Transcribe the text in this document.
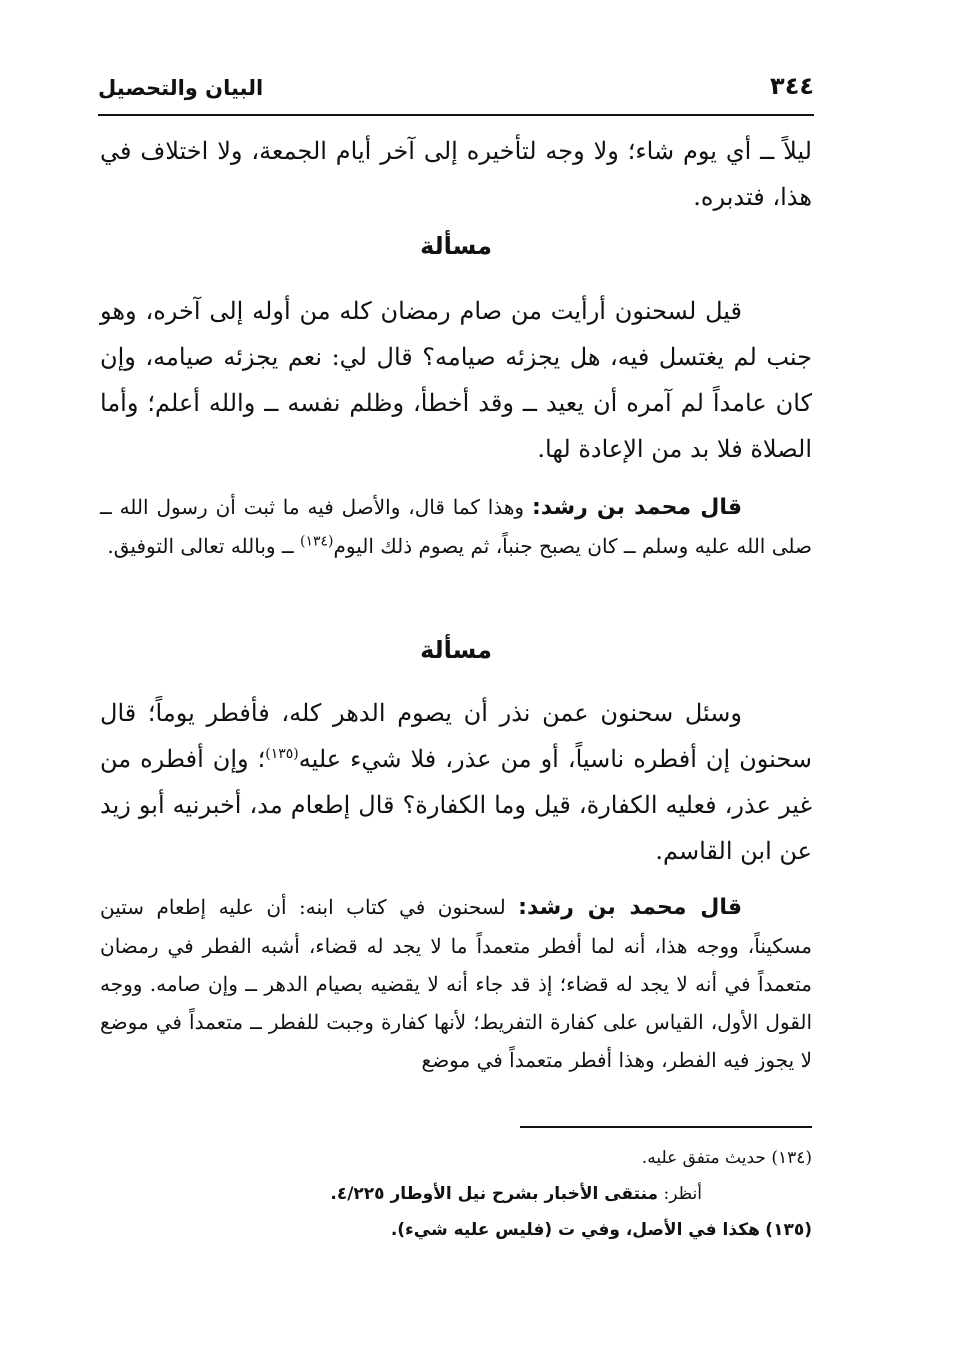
البيان والتحصيل	٣٤٤
ليلاً ــ أي يوم شاء؛ ولا وجه لتأخيره إلى آخر أيام الجمعة، ولا اختلاف في هذا، فتدبره.
مسألة
قيل لسحنون أرأيت من صام رمضان كله من أوله إلى آخره، وهو جنب لم يغتسل فيه، هل يجزئه صيامه؟ قال لي: نعم يجزئه صيامه، وإن كان عامداً لم آمره أن يعيد ــ وقد أخطأ، وظلم نفسه ــ والله أعلم؛ وأما الصلاة فلا بد من الإعادة لها.
قال محمد بن رشد: وهذا كما قال، والأصل فيه ما ثبت أن رسول الله ــ صلى الله عليه وسلم ــ كان يصبح جنباً، ثم يصوم ذلك اليوم$^{(١٣٤)}$ ــ وبالله تعالى التوفيق.
مسألة
وسئل سحنون عمن نذر أن يصوم الدهر كله، فأفطر يوماً؛ قال سحنون إن أفطره ناسياً، أو من عذر، فلا شيء عليه$^{(١٣٥)}$؛ وإن أفطره من غير عذر، فعليه الكفارة، قيل وما الكفارة؟ قال إطعام مد، أخبرنيه أبو زيد عن ابن القاسم.
قال محمد بن رشد: لسحنون في كتاب ابنه: أن عليه إطعام ستين مسكيناً، ووجه هذا، أنه لما أفطر متعمداً ما لا يجد له قضاء، أشبه الفطر في رمضان متعمداً في أنه لا يجد له قضاء؛ إذ قد جاء أنه لا يقضيه بصيام الدهر ــ وإن صامه. ووجه القول الأول، القياس على كفارة التفريط؛ لأنها كفارة وجبت للفطر ــ متعمداً في موضع لا يجوز فيه الفطر، وهذا أفطر متعمداً في موضع
(١٣٤) حديث متفق عليه.
أنظر: منتقى الأخبار بشرح نيل الأوطار ٤/٢٢٥.
(١٣٥) هكذا في الأصل، وفي ت (فليس عليه شيء).
